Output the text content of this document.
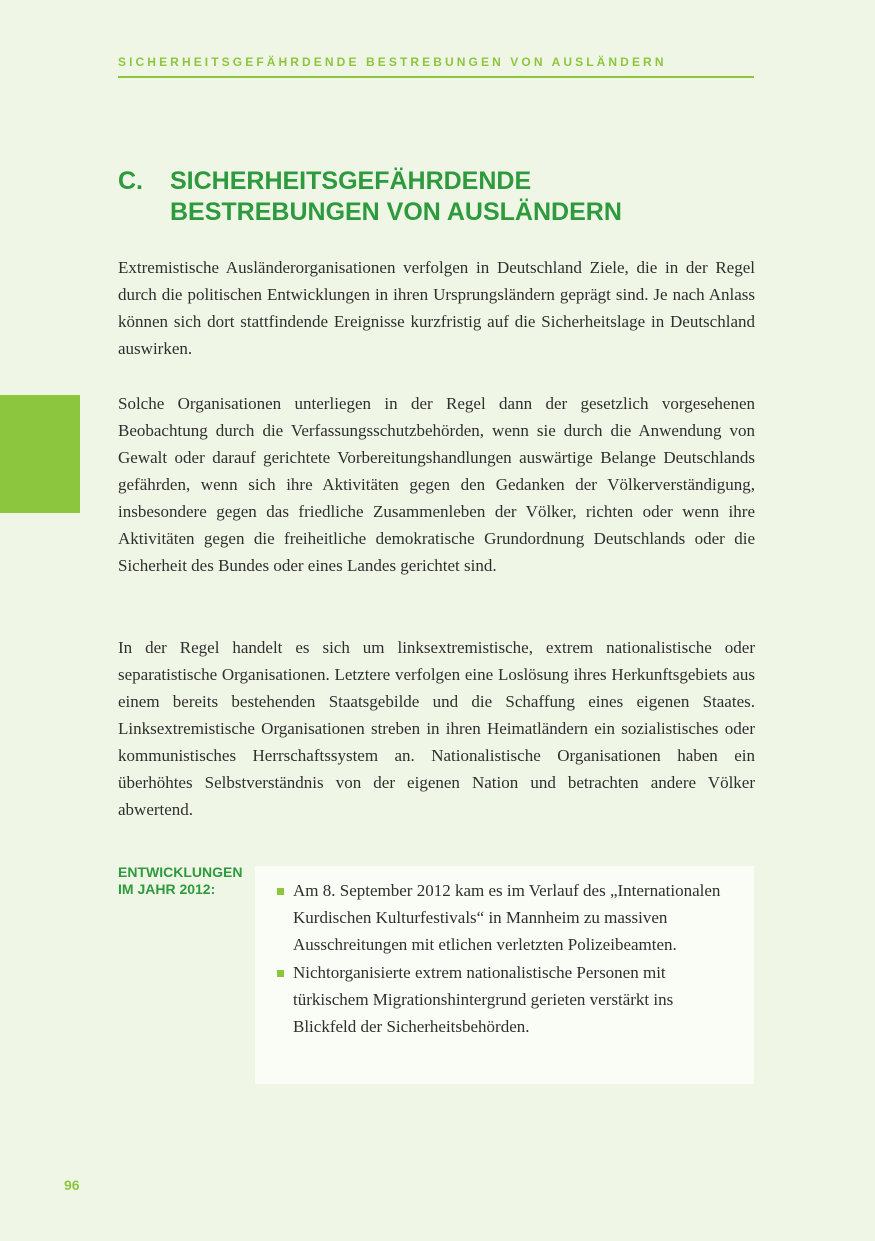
SICHERHEITSGEFÄHRDENDE BESTREBUNGEN VON AUSLÄNDERN
C. SICHERHEITSGEFÄHRDENDE
BESTREBUNGEN VON AUSLÄNDERN

Extremistische Ausländerorganisationen verfolgen in Deutschland Ziele, die in der Regel durch die politischen Entwicklungen in ihren Ursprungsländern geprägt sind. Je nach Anlass können sich dort stattfindende Ereignisse kurzfristig auf die Sicherheitslage in Deutschland auswirken.

Solche Organisationen unterliegen in der Regel dann der gesetzlich vorgesehenen Beobachtung durch die Verfassungsschutzbehörden, wenn sie durch die Anwendung von Gewalt oder darauf gerichtete Vorbereitungshandlungen auswärtige Belange Deutschlands gefährden, wenn sich ihre Aktivitäten gegen den Gedanken der Völkerverständigung, insbesondere gegen das friedliche Zusammenleben der Völker, richten oder wenn ihre Aktivitäten gegen die freiheitliche demokratische Grundordnung Deutschlands oder die Sicherheit des Bundes oder eines Landes gerichtet sind.

In der Regel handelt es sich um linksextremistische, extrem nationalistische oder separatistische Organisationen. Letztere verfolgen eine Loslösung ihres Herkunftsgebiets aus einem bereits bestehenden Staatsgebilde und die Schaffung eines eigenen Staates. Linksextremistische Organisationen streben in ihren Heimatländern ein sozialistisches oder kommunistisches Herrschaftssystem an. Nationalistische Organisationen haben ein überhöhtes Selbstverständnis von der eigenen Nation und betrachten andere Völker abwertend.

ENTWICKLUNGEN IM JAHR 2012:	Am 8. September 2012 kam es im Verlauf des „Internationalen Kurdischen Kulturfestivals“ in Mannheim zu massiven Ausschreitungen mit etlichen verletzten Polizeibeamten.
Nichtorganisierte extrem nationalistische Personen mit türkischem Migrationshintergrund gerieten verstärkt ins Blickfeld der Sicherheitsbehörden.
96
